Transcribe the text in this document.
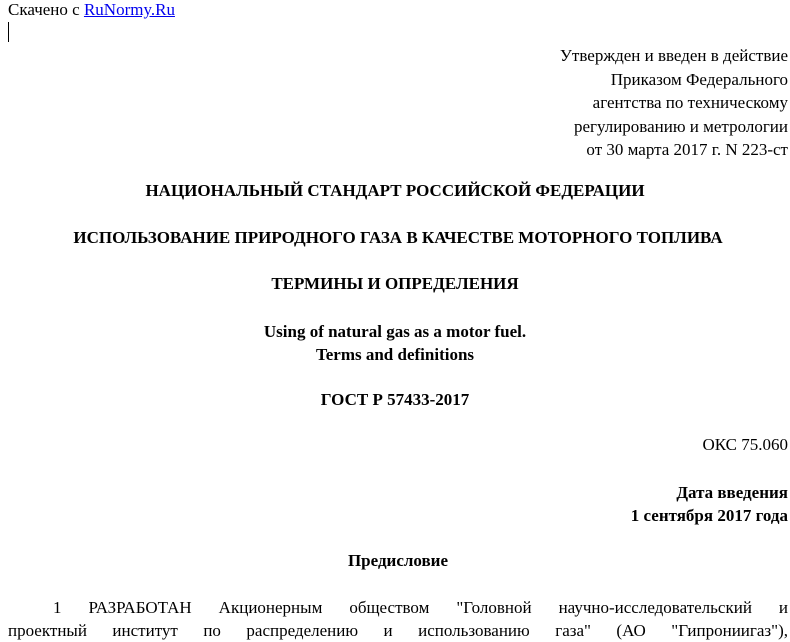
Скачено с RuNormy.Ru
Утвержден и введен в действие
Приказом Федерального
агентства по техническому
регулированию и метрологии
от 30 марта 2017 г. N 223-ст
НАЦИОНАЛЬНЫЙ СТАНДАРТ РОССИЙСКОЙ ФЕДЕРАЦИИ
ИСПОЛЬЗОВАНИЕ ПРИРОДНОГО ГАЗА В КАЧЕСТВЕ МОТОРНОГО ТОПЛИВА
ТЕРМИНЫ И ОПРЕДЕЛЕНИЯ
Using of natural gas as a motor fuel.
Terms and definitions
ГОСТ Р 57433-2017
ОКС 75.060
Дата введения
1 сентября 2017 года
Предисловие
1 РАЗРАБОТАН Акционерным обществом "Головной научно-исследовательский и
проектный институт по распределению и использованию газа" (АО "Гипрониигаз"),
